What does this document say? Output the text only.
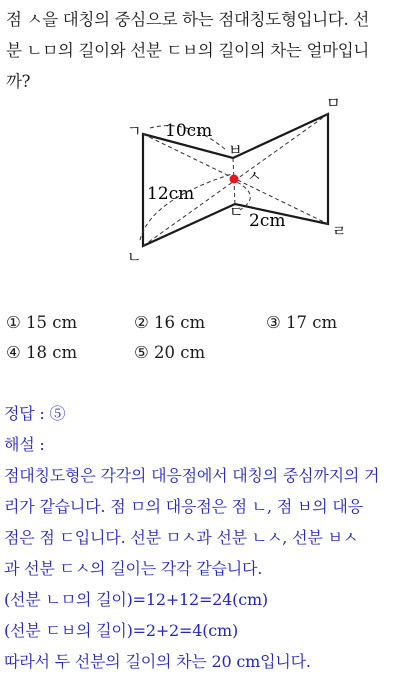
점 ㅅ을 대칭의 중심으로 하는 점대칭도형입니다. 선
분 ㄴㅁ의 길이와 선분 ㄷㅂ의 길이의 차는 얼마입니
까?
ㄱ
ㄴ
ㅁ
ㄹ
ㅂ
ㄷ
ㅅ
10cm
12cm
2cm
① 15 cm	② 16 cm	③ 17 cm
④ 18 cm	⑤ 20 cm
정답 : ⑤
해설 :
점대칭도형은 각각의 대응점에서 대칭의 중심까지의 거
리가 같습니다. 점 ㅁ의 대응점은 점 ㄴ, 점 ㅂ의 대응
점은 점 ㄷ입니다. 선분 ㅁㅅ과 선분 ㄴㅅ, 선분 ㅂㅅ
과 선분 ㄷㅅ의 길이는 각각 같습니다.
(선분 ㄴㅁ의 길이)=12+12=24(cm)
(선분 ㄷㅂ의 길이)=2+2=4(cm)
따라서 두 선분의 길이의 차는 20 cm입니다.
